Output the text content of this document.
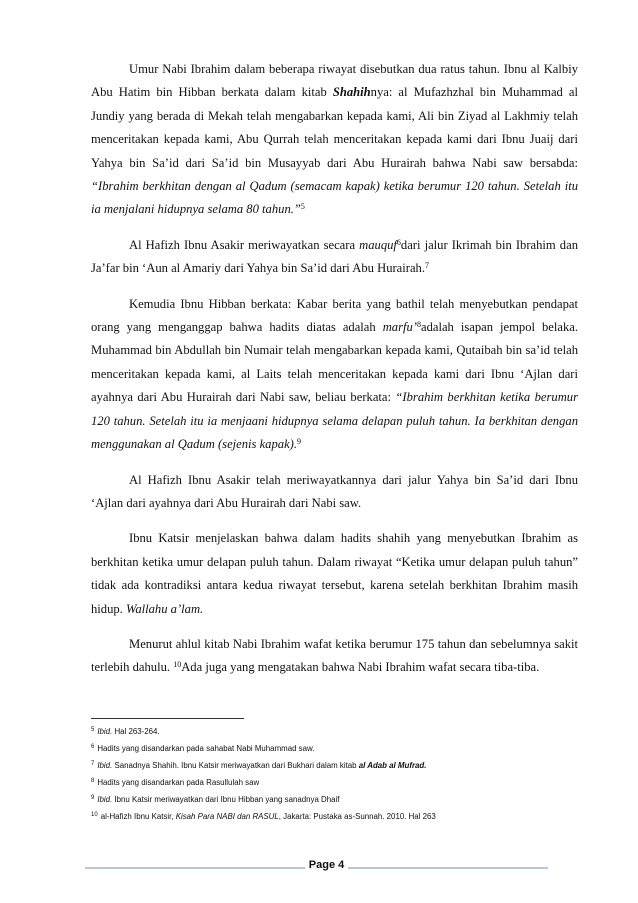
Umur Nabi Ibrahim dalam beberapa riwayat disebutkan dua ratus tahun. Ibnu al Kalbiy Abu Hatim bin Hibban berkata dalam kitab Shahihnya: al Mufazhzhal bin Muhammad al Jundiy yang berada di Mekah telah mengabarkan kepada kami, Ali bin Ziyad al Lakhmiy telah menceritakan kepada kami, Abu Qurrah telah menceritakan kepada kami dari Ibnu Juaij dari Yahya bin Sa’id dari Sa’id bin Musayyab dari Abu Hurairah bahwa Nabi saw bersabda: “Ibrahim berkhitan dengan al Qadum (semacam kapak) ketika berumur 120 tahun. Setelah itu ia menjalani hidupnya selama 80 tahun.”$^5$

Al Hafizh Ibnu Asakir meriwayatkan secara mauquf$^6$dari jalur Ikrimah bin Ibrahim dan Ja’far bin ‘Aun al Amariy dari Yahya bin Sa’id dari Abu Hurairah.$^7$

Kemudia Ibnu Hibban berkata: Kabar berita yang bathil telah menyebutkan pendapat orang yang menganggap bahwa hadits diatas adalah marfu’$^8$adalah isapan jempol belaka. Muhammad bin Abdullah bin Numair telah mengabarkan kepada kami, Qutaibah bin sa’id telah menceritakan kepada kami, al Laits telah menceritakan kepada kami dari Ibnu ‘Ajlan dari ayahnya dari Abu Hurairah dari Nabi saw, beliau berkata: “Ibrahim berkhitan ketika berumur 120 tahun. Setelah itu ia menjaani hidupnya selama delapan puluh tahun. Ia berkhitan dengan menggunakan al Qadum (sejenis kapak).$^9$

Al Hafizh Ibnu Asakir telah meriwayatkannya dari jalur Yahya bin Sa’id dari Ibnu ‘Ajlan dari ayahnya dari Abu Hurairah dari Nabi saw.

Ibnu Katsir menjelaskan bahwa dalam hadits shahih yang menyebutkan Ibrahim as berkhitan ketika umur delapan puluh tahun. Dalam riwayat “Ketika umur delapan puluh tahun” tidak ada kontradiksi antara kedua riwayat tersebut, karena setelah berkhitan Ibrahim masih hidup. Wallahu a’lam.

Menurut ahlul kitab Nabi Ibrahim wafat ketika berumur 175 tahun dan sebelumnya sakit terlebih dahulu. $^{10}$Ada juga yang mengatakan bahwa Nabi Ibrahim wafat secara tiba-tiba.

$^5$ Ibid. Hal 263-264.
$^6$ Hadits yang disandarkan pada sahabat Nabi Muhammad saw.
$^7$ Ibid. Sanadnya Shahih. Ibnu Katsir meriwayatkan dari Bukhari dalam kitab al Adab al Mufrad.
$^8$ Hadits yang disandarkan pada Rasullulah saw
$^9$ Ibid. Ibnu Katsir meriwayatkan dari Ibnu Hibban yang sanadnya Dhaif
$^{10}$ al-Hafizh Ibnu Katsir, Kisah Para NABI dan RASUL, Jakarta: Pustaka as-Sunnah. 2010. Hal 263
Page 4
